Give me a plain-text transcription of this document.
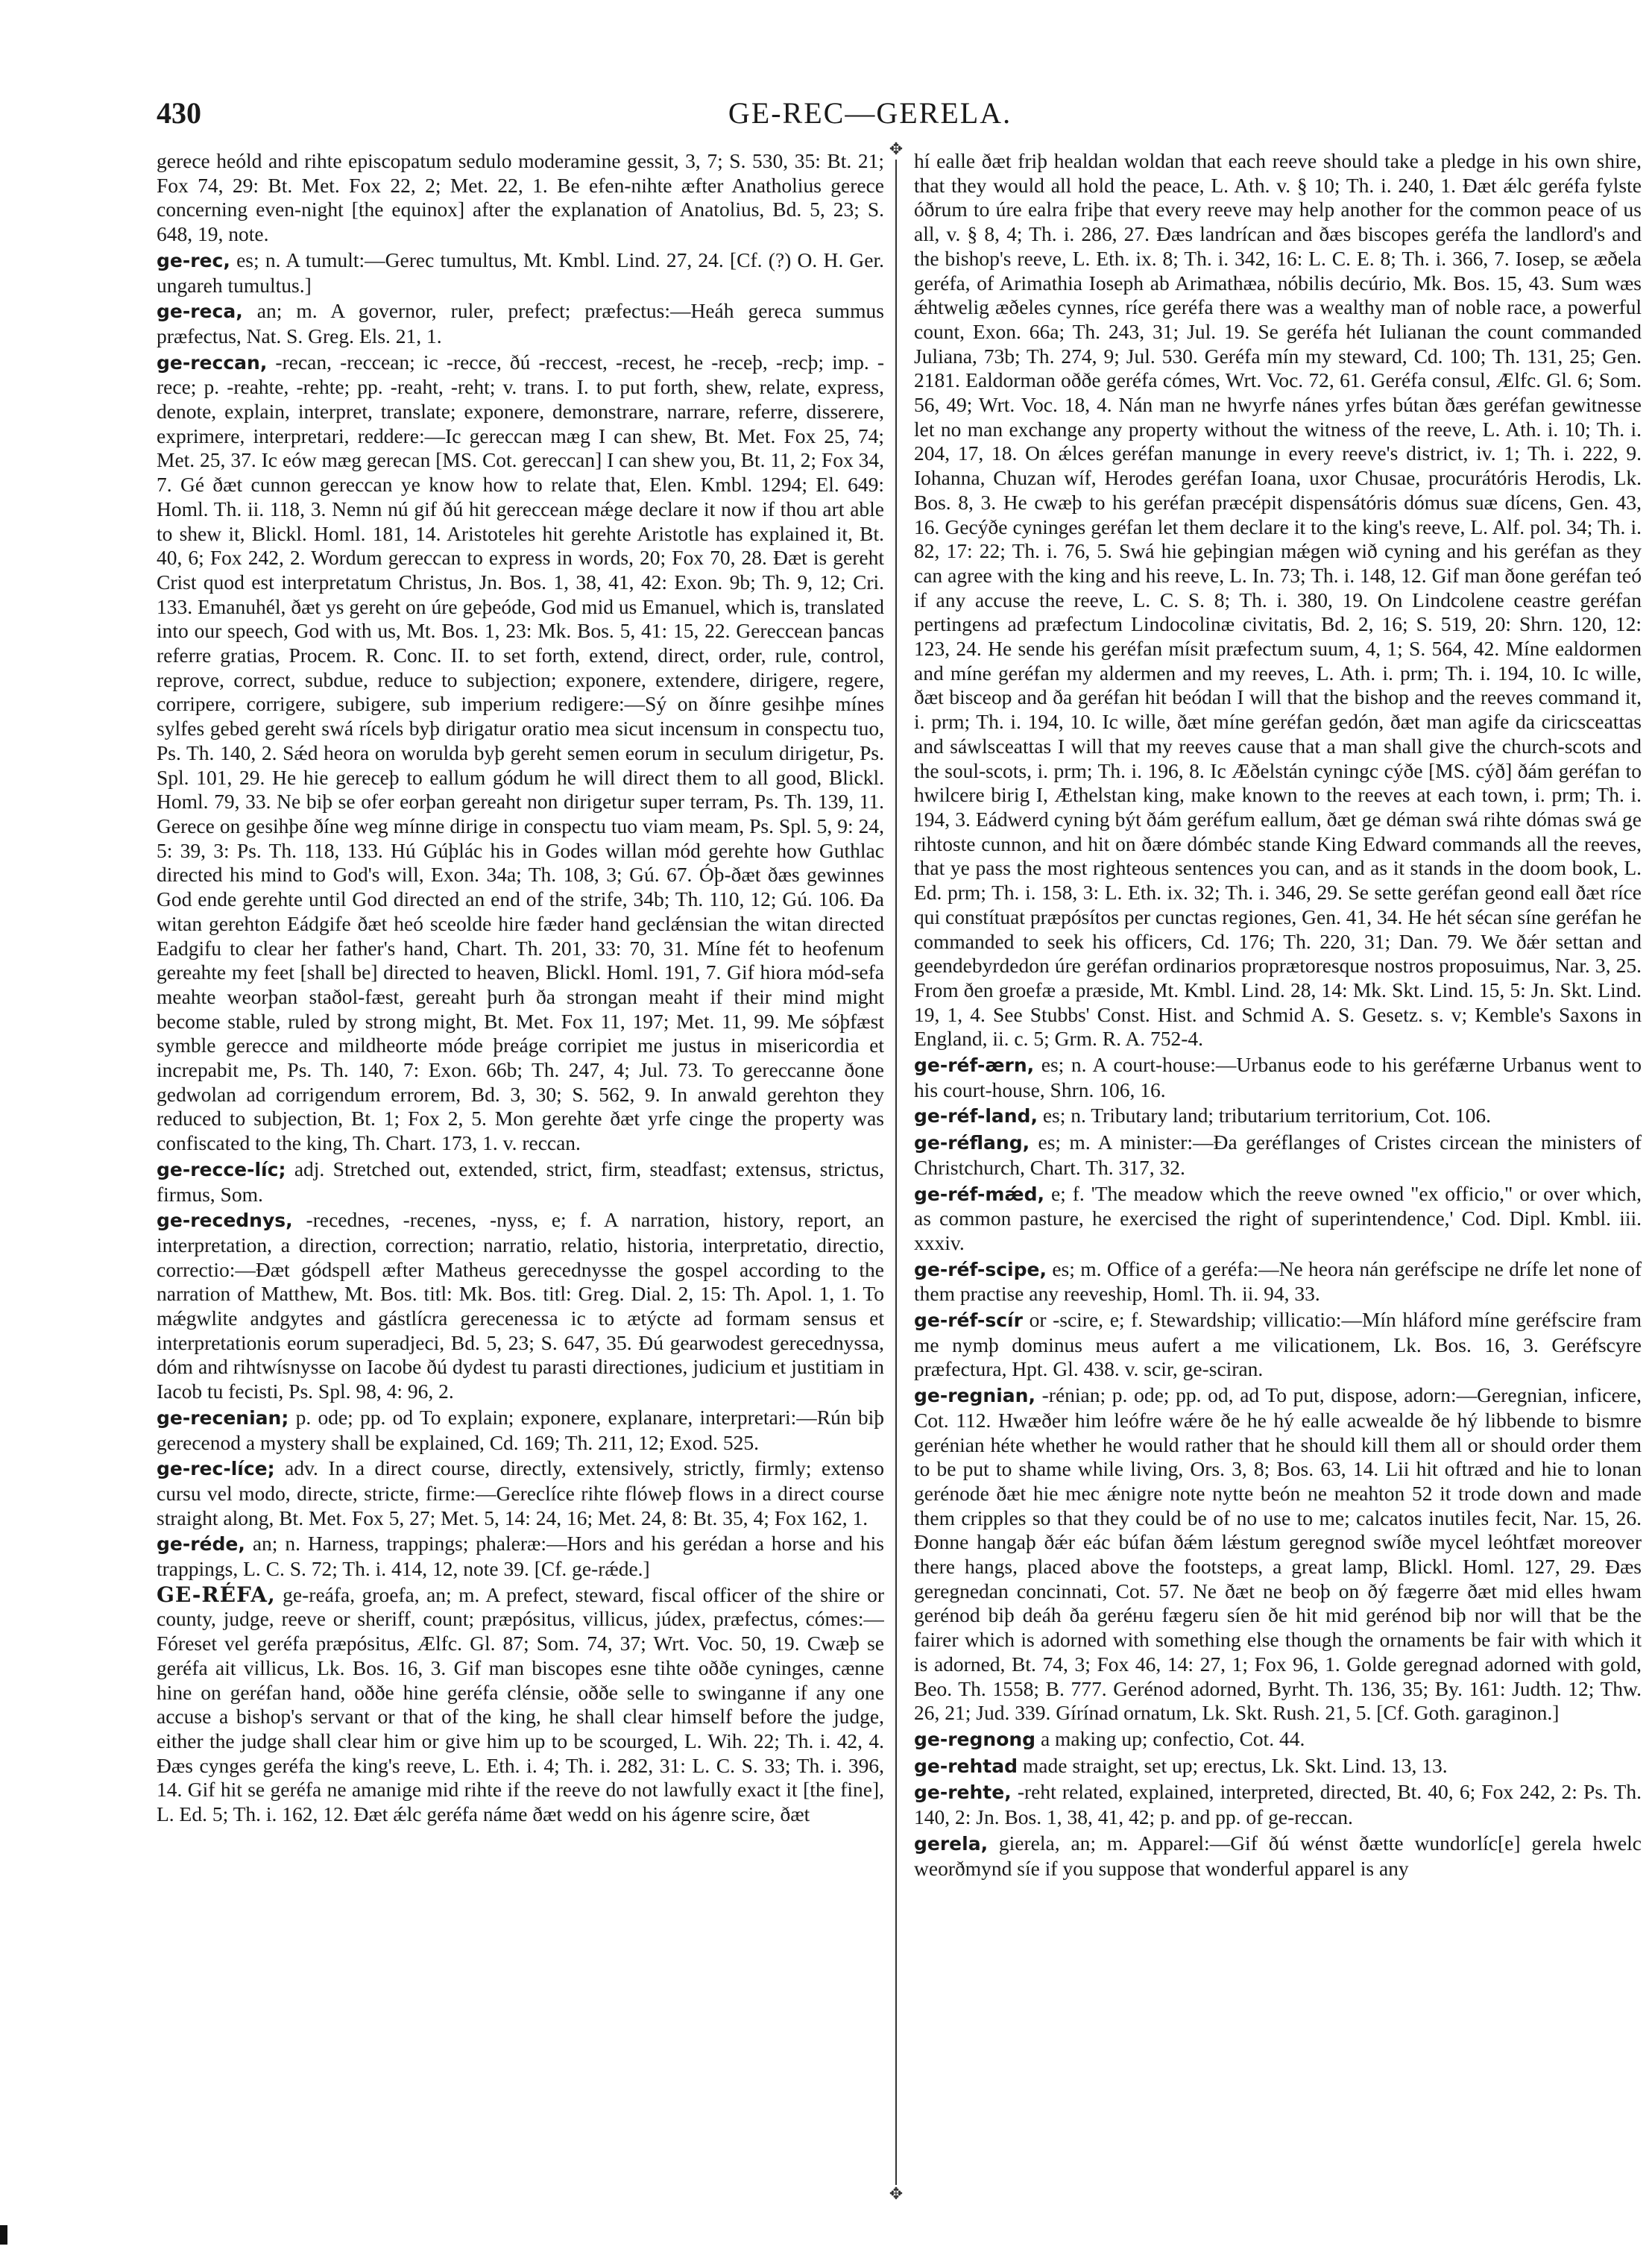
430	GE-REC—GERELA.
✥
✥

gerece heóld and rihte episcopatum sedulo moderamine gessit, 3, 7; S. 530, 35: Bt. 21; Fox 74, 29: Bt. Met. Fox 22, 2; Met. 22, 1. Be efen-nihte æfter Anatholius gerece concerning even-night [the equinox] after the explanation of Anatolius, Bd. 5, 23; S. 648, 19, note.

ge-rec, es; n. A tumult:—Gerec tumultus, Mt. Kmbl. Lind. 27, 24. [Cf. (?) O. H. Ger. ungareh tumultus.]

ge-reca, an; m. A governor, ruler, prefect; præfectus:—Heáh gereca summus præfectus, Nat. S. Greg. Els. 21, 1.

ge-reccan, -recan, -reccean; ic -recce, ðú -reccest, -recest, he -receþ, -recþ; imp. -rece; p. -reahte, -rehte; pp. -reaht, -reht; v. trans. I. to put forth, shew, relate, express, denote, explain, interpret, translate; exponere, demonstrare, narrare, referre, disserere, exprimere, interpretari, reddere:—Ic gereccan mæg I can shew, Bt. Met. Fox 25, 74; Met. 25, 37. Ic eów mæg gerecan [MS. Cot. gereccan] I can shew you, Bt. 11, 2; Fox 34, 7. Gé ðæt cunnon gereccan ye know how to relate that, Elen. Kmbl. 1294; El. 649: Homl. Th. ii. 118, 3. Nemn nú gif ðú hit gereccean mǽge declare it now if thou art able to shew it, Blickl. Homl. 181, 14. Aristoteles hit gerehte Aristotle has explained it, Bt. 40, 6; Fox 242, 2. Wordum gereccan to express in words, 20; Fox 70, 28. Ðæt is gereht Crist quod est interpretatum Christus, Jn. Bos. 1, 38, 41, 42: Exon. 9b; Th. 9, 12; Cri. 133. Emanuhél, ðæt ys gereht on úre geþeóde, God mid us Emanuel, which is, translated into our speech, God with us, Mt. Bos. 1, 23: Mk. Bos. 5, 41: 15, 22. Gereccean þancas referre gratias, Procem. R. Conc. II. to set forth, extend, direct, order, rule, control, reprove, correct, subdue, reduce to subjection; exponere, extendere, dirigere, regere, corripere, corrigere, subigere, sub imperium redigere:—Sý on ðínre gesihþe mínes sylfes gebed gereht swá rícels byþ dirigatur oratio mea sicut incensum in conspectu tuo, Ps. Th. 140, 2. Sǽd heora on worulda byþ gereht semen eorum in seculum dirigetur, Ps. Spl. 101, 29. He hie gereceþ to eallum gódum he will direct them to all good, Blickl. Homl. 79, 33. Ne biþ se ofer eorþan gereaht non dirigetur super terram, Ps. Th. 139, 11. Gerece on gesihþe ðíne weg mínne dirige in conspectu tuo viam meam, Ps. Spl. 5, 9: 24, 5: 39, 3: Ps. Th. 118, 133. Hú Gúþlác his in Godes willan mód gerehte how Guthlac directed his mind to God's will, Exon. 34a; Th. 108, 3; Gú. 67. Óþ-ðæt ðæs gewinnes God ende gerehte until God directed an end of the strife, 34b; Th. 110, 12; Gú. 106. Ða witan gerehton Eádgife ðæt heó sceolde hire fæder hand geclǽnsian the witan directed Eadgifu to clear her father's hand, Chart. Th. 201, 33: 70, 31. Míne fét to heofenum gereahte my feet [shall be] directed to heaven, Blickl. Homl. 191, 7. Gif hiora mód-sefa meahte weorþan staðol-fæst, gereaht þurh ða strongan meaht if their mind might become stable, ruled by strong might, Bt. Met. Fox 11, 197; Met. 11, 99. Me sóþfæst symble gerecce and mildheorte móde þreáge corripiet me justus in misericordia et increpabit me, Ps. Th. 140, 7: Exon. 66b; Th. 247, 4; Jul. 73. To gereccanne ðone gedwolan ad corrigendum errorem, Bd. 3, 30; S. 562, 9. In anwald gerehton they reduced to subjection, Bt. 1; Fox 2, 5. Mon gerehte ðæt yrfe cinge the property was confiscated to the king, Th. Chart. 173, 1. v. reccan.

ge-recce-líc; adj. Stretched out, extended, strict, firm, steadfast; extensus, strictus, firmus, Som.

ge-recednys, -recednes, -recenes, -nyss, e; f. A narration, history, report, an interpretation, a direction, correction; narratio, relatio, historia, interpretatio, directio, correctio:—Ðæt gódspell æfter Matheus gerecednysse the gospel according to the narration of Matthew, Mt. Bos. titl: Mk. Bos. titl: Greg. Dial. 2, 15: Th. Apol. 1, 1. To mǽgwlite andgytes and gástlícra gerecenessa ic to ætýcte ad formam sensus et interpretationis eorum superadjeci, Bd. 5, 23; S. 647, 35. Ðú gearwodest gerecednyssa, dóm and rihtwísnysse on Iacobe ðú dydest tu parasti directiones, judicium et justitiam in Iacob tu fecisti, Ps. Spl. 98, 4: 96, 2.

ge-recenian; p. ode; pp. od To explain; exponere, explanare, interpretari:—Rún biþ gerecenod a mystery shall be explained, Cd. 169; Th. 211, 12; Exod. 525.

ge-rec-líce; adv. In a direct course, directly, extensively, strictly, firmly; extenso cursu vel modo, directe, stricte, firme:—Gereclíce rihte flóweþ flows in a direct course straight along, Bt. Met. Fox 5, 27; Met. 5, 14: 24, 16; Met. 24, 8: Bt. 35, 4; Fox 162, 1.

ge-réde, an; n. Harness, trappings; phaleræ:—Hors and his gerédan a horse and his trappings, L. C. S. 72; Th. i. 414, 12, note 39. [Cf. ge-rǽde.]

GE-RÉFA, ge-reáfa, groefa, an; m. A prefect, steward, fiscal officer of the shire or county, judge, reeve or sheriff, count; præpósitus, villicus, júdex, præfectus, cómes:—Fóreset vel geréfa præpósitus, Ælfc. Gl. 87; Som. 74, 37; Wrt. Voc. 50, 19. Cwæþ se geréfa ait villicus, Lk. Bos. 16, 3. Gif man biscopes esne tihte oððe cyninges, cænne hine on geréfan hand, oððe hine geréfa clénsie, oððe selle to swinganne if any one accuse a bishop's servant or that of the king, he shall clear himself before the judge, either the judge shall clear him or give him up to be scourged, L. Wih. 22; Th. i. 42, 4. Ðæs cynges geréfa the king's reeve, L. Eth. i. 4; Th. i. 282, 31: L. C. S. 33; Th. i. 396, 14. Gif hit se geréfa ne amanige mid rihte if the reeve do not lawfully exact it [the fine], L. Ed. 5; Th. i. 162, 12. Ðæt ǽlc geréfa náme ðæt wedd on his ágenre scire, ðæt

hí ealle ðæt friþ healdan woldan that each reeve should take a pledge in his own shire, that they would all hold the peace, L. Ath. v. § 10; Th. i. 240, 1. Ðæt ǽlc geréfa fylste óðrum to úre ealra friþe that every reeve may help another for the common peace of us all, v. § 8, 4; Th. i. 286, 27. Ðæs landrícan and ðæs biscopes geréfa the landlord's and the bishop's reeve, L. Eth. ix. 8; Th. i. 342, 16: L. C. E. 8; Th. i. 366, 7. Iosep, se æðela geréfa, of Arimathia Ioseph ab Arimathæa, nóbilis decúrio, Mk. Bos. 15, 43. Sum wæs ǽhtwelig æðeles cynnes, ríce geréfa there was a wealthy man of noble race, a powerful count, Exon. 66a; Th. 243, 31; Jul. 19. Se geréfa hét Iulianan the count commanded Juliana, 73b; Th. 274, 9; Jul. 530. Geréfa mín my steward, Cd. 100; Th. 131, 25; Gen. 2181. Ealdorman oððe geréfa cómes, Wrt. Voc. 72, 61. Geréfa consul, Ælfc. Gl. 6; Som. 56, 49; Wrt. Voc. 18, 4. Nán man ne hwyrfe nánes yrfes bútan ðæs geréfan gewitnesse let no man exchange any property without the witness of the reeve, L. Ath. i. 10; Th. i. 204, 17, 18. On ǽlces geréfan manunge in every reeve's district, iv. 1; Th. i. 222, 9. Iohanna, Chuzan wíf, Herodes geréfan Ioana, uxor Chusae, procurátóris Herodis, Lk. Bos. 8, 3. He cwæþ to his geréfan præcépit dispensátóris dómus suæ dícens, Gen. 43, 16. Gecýðe cyninges geréfan let them declare it to the king's reeve, L. Alf. pol. 34; Th. i. 82, 17: 22; Th. i. 76, 5. Swá hie geþingian mǽgen wið cyning and his geréfan as they can agree with the king and his reeve, L. In. 73; Th. i. 148, 12. Gif man ðone geréfan teó if any accuse the reeve, L. C. S. 8; Th. i. 380, 19. On Lindcolene ceastre geréfan pertingens ad præfectum Lindocolinæ civitatis, Bd. 2, 16; S. 519, 20: Shrn. 120, 12: 123, 24. He sende his geréfan mísit præfectum suum, 4, 1; S. 564, 42. Míne ealdormen and míne geréfan my aldermen and my reeves, L. Ath. i. prm; Th. i. 194, 10. Ic wille, ðæt bisceop and ða geréfan hit beódan I will that the bishop and the reeves command it, i. prm; Th. i. 194, 10. Ic wille, ðæt míne geréfan gedón, ðæt man agife da ciricsceattas and sáwlsceattas I will that my reeves cause that a man shall give the church-scots and the soul-scots, i. prm; Th. i. 196, 8. Ic Æðelstán cyningc cýðe [MS. cýð] ðám geréfan to hwilcere birig I, Æthelstan king, make known to the reeves at each town, i. prm; Th. i. 194, 3. Eádwerd cyning být ðám geréfum eallum, ðæt ge déman swá rihte dómas swá ge rihtoste cunnon, and hit on ðære dómbéc stande King Edward commands all the reeves, that ye pass the most righteous sentences you can, and as it stands in the doom book, L. Ed. prm; Th. i. 158, 3: L. Eth. ix. 32; Th. i. 346, 29. Se sette geréfan geond eall ðæt ríce qui constítuat præpósítos per cunctas regiones, Gen. 41, 34. He hét sécan síne geréfan he commanded to seek his officers, Cd. 176; Th. 220, 31; Dan. 79. We ðǽr settan and geendebyrdedon úre geréfan ordinarios proprætoresque nostros proposuimus, Nar. 3, 25. From ðen groefæ a præside, Mt. Kmbl. Lind. 28, 14: Mk. Skt. Lind. 15, 5: Jn. Skt. Lind. 19, 1, 4. See Stubbs' Const. Hist. and Schmid A. S. Gesetz. s. v; Kemble's Saxons in England, ii. c. 5; Grm. R. A. 752-4.

ge-réf-ærn, es; n. A court-house:—Urbanus eode to his geréfærne Urbanus went to his court-house, Shrn. 106, 16.

ge-réf-land, es; n. Tributary land; tributarium territorium, Cot. 106.

ge-réflang, es; m. A minister:—Ða geréflanges of Cristes circean the ministers of Christchurch, Chart. Th. 317, 32.

ge-réf-mǽd, e; f. 'The meadow which the reeve owned "ex officio," or over which, as common pasture, he exercised the right of superintendence,' Cod. Dipl. Kmbl. iii. xxxiv.

ge-réf-scipe, es; m. Office of a geréfa:—Ne heora nán geréfscipe ne drífe let none of them practise any reeveship, Homl. Th. ii. 94, 33.

ge-réf-scír or -scire, e; f. Stewardship; villicatio:—Mín hláford míne geréfscire fram me nymþ dominus meus aufert a me vilicationem, Lk. Bos. 16, 3. Geréfscyre præfectura, Hpt. Gl. 438. v. scir, ge-sciran.

ge-regnian, -rénian; p. ode; pp. od, ad To put, dispose, adorn:—Geregnian, inficere, Cot. 112. Hwæðer him leófre wǽre ðe he hý ealle acwealde ðe hý libbende to bismre gerénian héte whether he would rather that he should kill them all or should order them to be put to shame while living, Ors. 3, 8; Bos. 63, 14. Lii hit oftræd and hie to lonan gerénode ðæt hie mec ǽnigre note nytte beón ne meahton 52 it trode down and made them cripples so that they could be of no use to me; calcatos inutiles fecit, Nar. 15, 26. Ðonne hangaþ ðǽr eác búfan ðǽm lǽstum geregnod swíðe mycel leóhtfæt moreover there hangs, placed above the footsteps, a great lamp, Blickl. Homl. 127, 29. Ðæs geregnedan concinnati, Cot. 57. Ne ðæt ne beoþ on ðý fægerre ðæt mid elles hwam gerénod biþ deáh ða geréнu fægeru síen ðe hit mid gerénod biþ nor will that be the fairer which is adorned with something else though the ornaments be fair with which it is adorned, Bt. 74, 3; Fox 46, 14: 27, 1; Fox 96, 1. Golde geregnad adorned with gold, Beo. Th. 1558; B. 777. Gerénod adorned, Byrht. Th. 136, 35; By. 161: Judth. 12; Thw. 26, 21; Jud. 339. Gírínad ornatum, Lk. Skt. Rush. 21, 5. [Cf. Goth. garaginon.]

ge-regnong a making up; confectio, Cot. 44.

ge-rehtad made straight, set up; erectus, Lk. Skt. Lind. 13, 13.

ge-rehte, -reht related, explained, interpreted, directed, Bt. 40, 6; Fox 242, 2: Ps. Th. 140, 2: Jn. Bos. 1, 38, 41, 42; p. and pp. of ge-reccan.

gerela, gierela, an; m. Apparel:—Gif ðú wénst ðætte wundorlíc[e] gerela hwelc weorðmynd síe if you suppose that wonderful apparel is any
